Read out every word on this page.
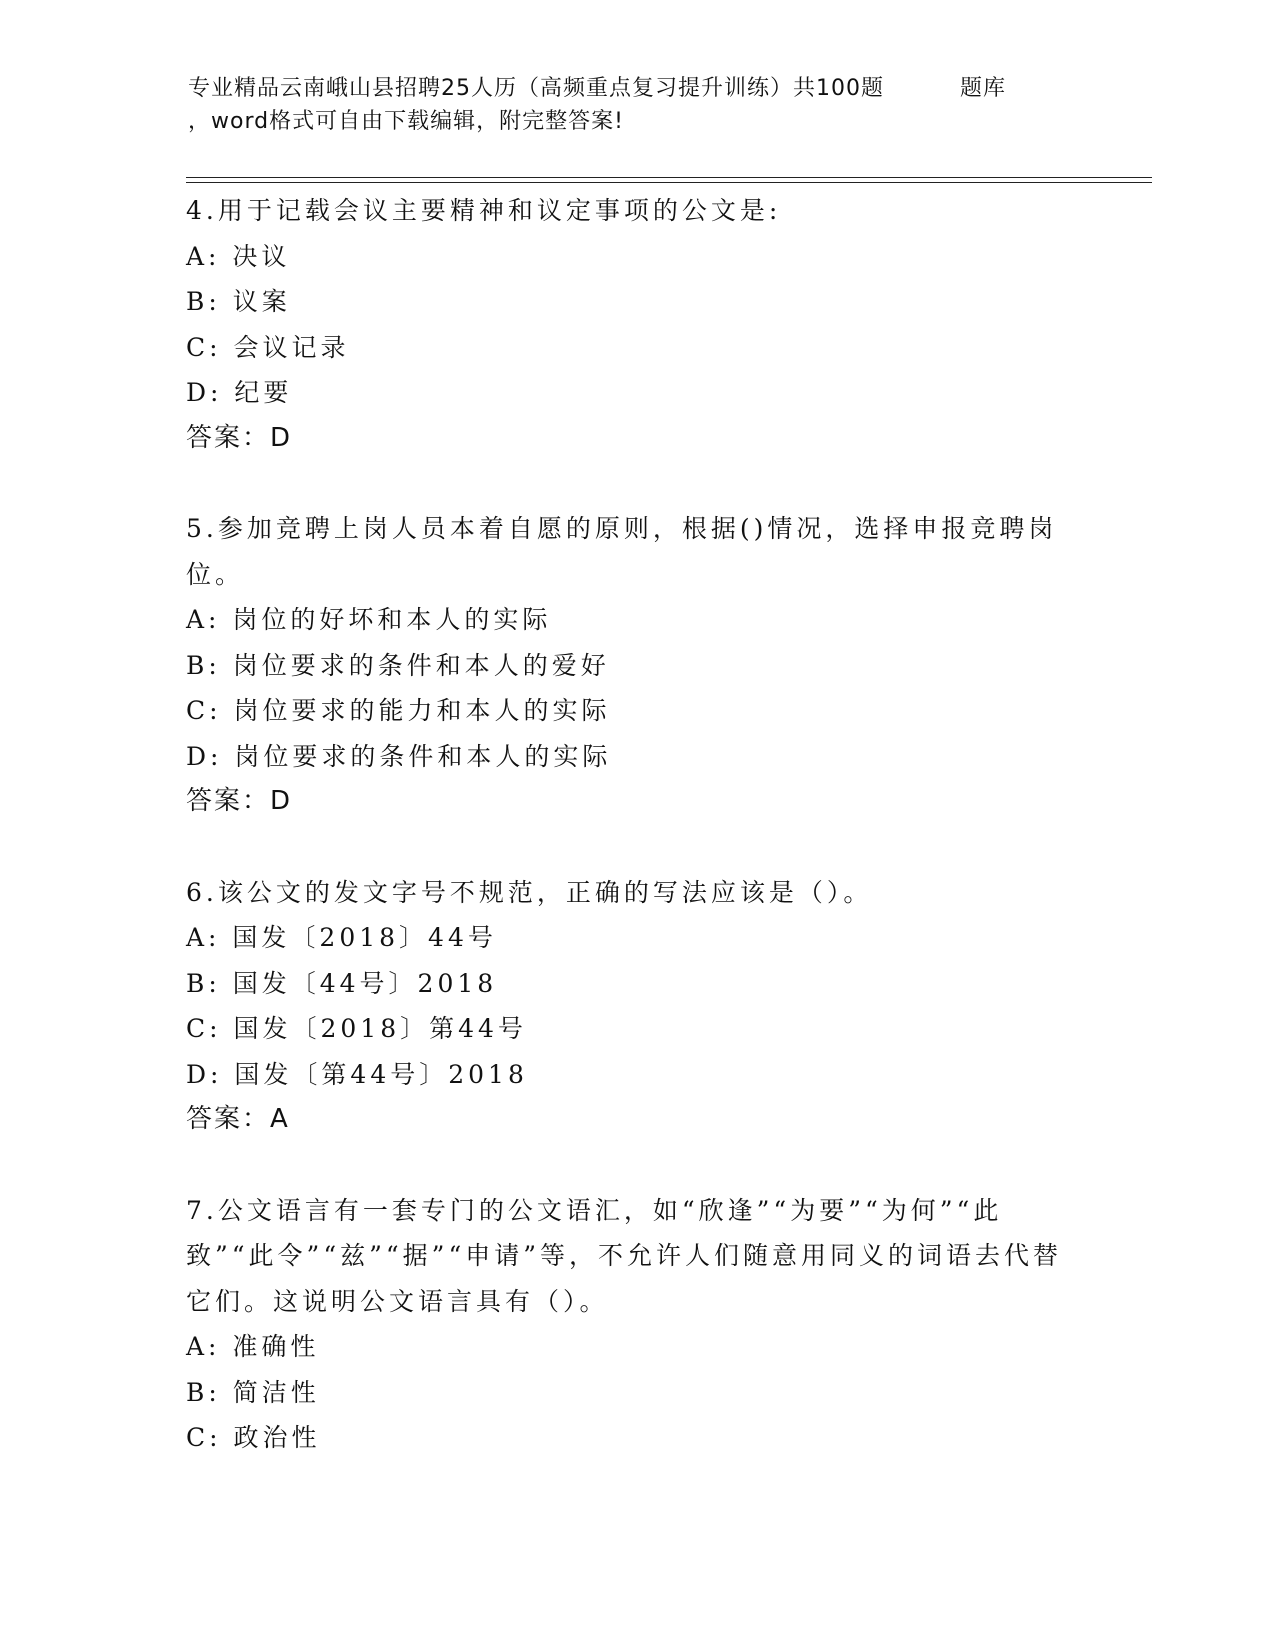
专业精品云南峨山县招聘25人历（高频重点复习提升训练）共100题	题库
，word格式可自由下载编辑，附完整答案!
4.用于记载会议主要精神和议定事项的公文是:
A: 决议
B: 议案
C: 会议记录
D: 纪要
答案：D
5.参加竞聘上岗人员本着自愿的原则，根据()情况，选择申报竞聘岗位。
A: 岗位的好坏和本人的实际
B: 岗位要求的条件和本人的爱好
C: 岗位要求的能力和本人的实际
D: 岗位要求的条件和本人的实际
答案：D
6.该公文的发文字号不规范，正确的写法应该是（）。
A: 国发〔2018〕44号
B: 国发〔44号〕2018
C: 国发〔2018〕第44号
D: 国发〔第44号〕2018
答案：A
7.公文语言有一套专门的公文语汇，如“欣逢”“为要”“为何”“此致”“此令”“兹”“据”“申请”等，不允许人们随意用同义的词语去代替它们。这说明公文语言具有（）。
A: 准确性
B: 简洁性
C: 政治性
